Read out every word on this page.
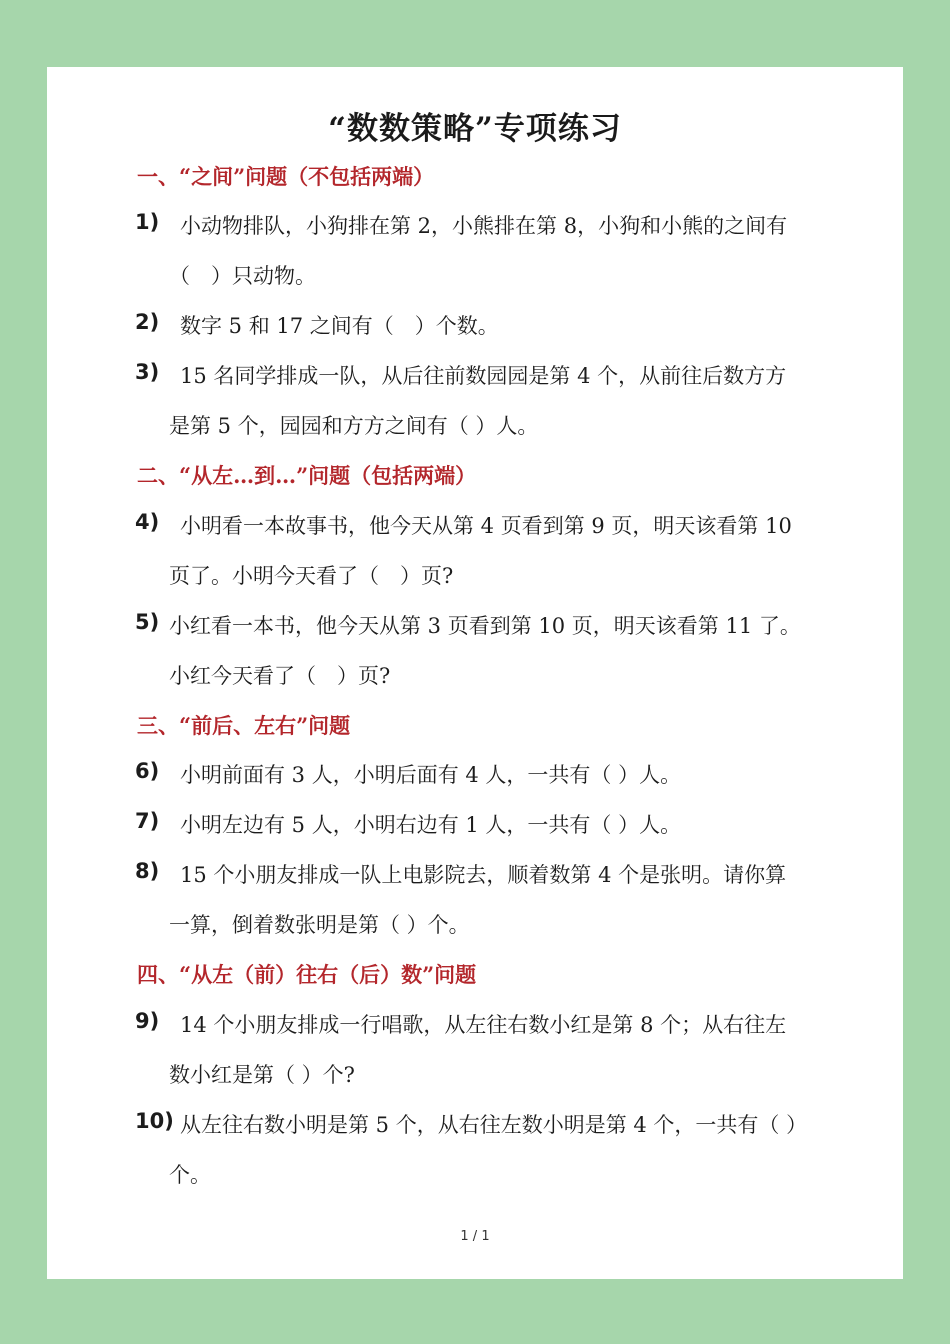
“数数策略”专项练习
一、“之间”问题（不包括两端）
1) 小动物排队，小狗排在第 2，小熊排在第 8，小狗和小熊的之间有
（　）只动物。
2) 数字 5 和 17 之间有（　）个数。
3) 15 名同学排成一队，从后往前数园园是第 4 个，从前往后数方方
是第 5 个，园园和方方之间有（ ）人。
二、“从左…到…”问题（包括两端）
4) 小明看一本故事书，他今天从第 4 页看到第 9 页，明天该看第 10
页了。小明今天看了（　）页?
5) 小红看一本书，他今天从第 3 页看到第 10 页，明天该看第 11 了。
小红今天看了（　）页?
三、“前后、左右”问题
6) 小明前面有 3 人，小明后面有 4 人，一共有（ ）人。
7) 小明左边有 5 人，小明右边有 1 人，一共有（ ）人。
8) 15 个小朋友排成一队上电影院去，顺着数第 4 个是张明。请你算
一算，倒着数张明是第（ ）个。
四、“从左（前）往右（后）数”问题
9) 14 个小朋友排成一行唱歌，从左往右数小红是第 8 个；从右往左
数小红是第（ ）个?
10) 从左往右数小明是第 5 个，从右往左数小明是第 4 个，一共有（ ）
个。
1 / 1
